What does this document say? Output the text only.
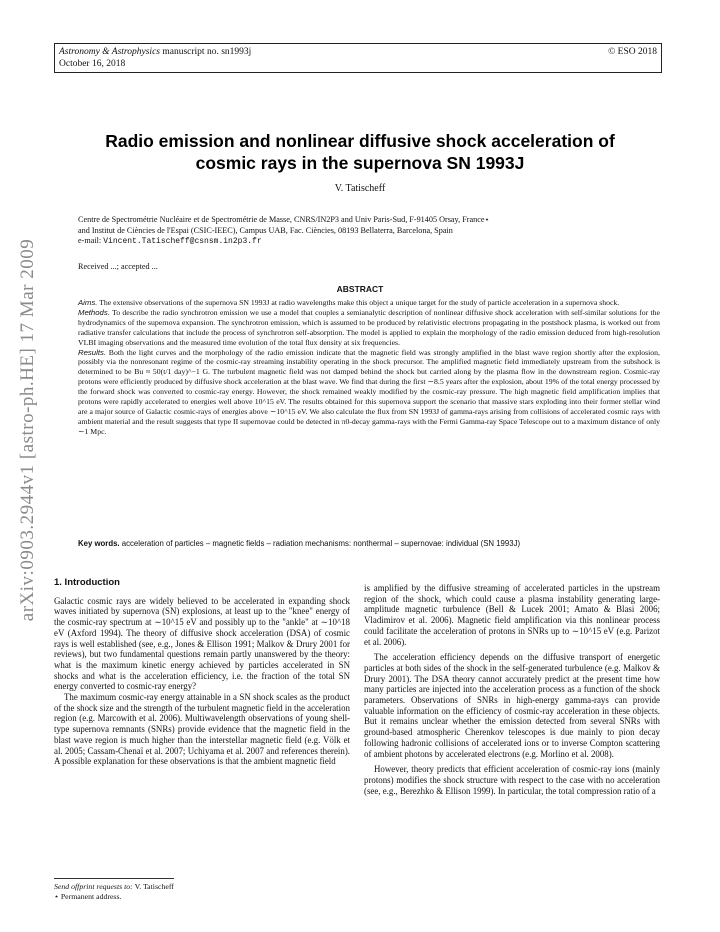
Astronomy & Astrophysics manuscript no. sn1993j
October 16, 2018
© ESO 2018
arXiv:0903.2944v1 [astro-ph.HE] 17 Mar 2009
Radio emission and nonlinear diffusive shock acceleration of
cosmic rays in the supernova SN 1993J
V. Tatischeff
Centre de Spectrométrie Nucléaire et de Spectrométrie de Masse, CNRS/IN2P3 and Univ Paris-Sud, F-91405 Orsay, France⋆
and Institut de Ciències de l'Espai (CSIC-IEEC), Campus UAB, Fac. Ciències, 08193 Bellaterra, Barcelona, Spain
e-mail: Vincent.Tatischeff@csnsm.in2p3.fr
Received ...; accepted ...
ABSTRACT
Aims. The extensive observations of the supernova SN 1993J at radio wavelengths make this object a unique target for the study of particle acceleration in a supernova shock.
Methods. To describe the radio synchrotron emission we use a model that couples a semianalytic description of nonlinear diffusive shock acceleration with self-similar solutions for the hydrodynamics of the supernova expansion. The synchrotron emission, which is assumed to be produced by relativistic electrons propagating in the postshock plasma, is worked out from radiative transfer calculations that include the process of synchrotron self-absorption. The model is applied to explain the morphology of the radio emission deduced from high-resolution VLBI imaging observations and the measured time evolution of the total flux density at six frequencies.
Results. Both the light curves and the morphology of the radio emission indicate that the magnetic field was strongly amplified in the blast wave region shortly after the explosion, possibly via the nonresonant regime of the cosmic-ray streaming instability operating in the shock precursor. The amplified magnetic field immediately upstream from the subshock is determined to be Bu ≈ 50(t/1 day)^−1 G. The turbulent magnetic field was not damped behind the shock but carried along by the plasma flow in the downstream region. Cosmic-ray protons were efficiently produced by diffusive shock acceleration at the blast wave. We find that during the first ∼8.5 years after the explosion, about 19% of the total energy processed by the forward shock was converted to cosmic-ray energy. However, the shock remained weakly modified by the cosmic-ray pressure. The high magnetic field amplification implies that protons were rapidly accelerated to energies well above 10^15 eV. The results obtained for this supernova support the scenario that massive stars exploding into their former stellar wind are a major source of Galactic cosmic-rays of energies above ∼10^15 eV. We also calculate the flux from SN 1993J of gamma-rays arising from collisions of accelerated cosmic rays with ambient material and the result suggests that type II supernovae could be detected in π0-decay gamma-rays with the Fermi Gamma-ray Space Telescope out to a maximum distance of only ∼1 Mpc.
Key words. acceleration of particles – magnetic fields – radiation mechanisms: nonthermal – supernovae: individual (SN 1993J)
1. Introduction

Galactic cosmic rays are widely believed to be accelerated in expanding shock waves initiated by supernova (SN) explosions, at least up to the "knee" energy of the cosmic-ray spectrum at ∼10^15 eV and possibly up to the "ankle" at ∼10^18 eV (Axford 1994). The theory of diffusive shock acceleration (DSA) of cosmic rays is well established (see, e.g., Jones & Ellison 1991; Malkov & Drury 2001 for reviews), but two fundamental questions remain partly unanswered by the theory: what is the maximum kinetic energy achieved by particles accelerated in SN shocks and what is the acceleration efficiency, i.e. the fraction of the total SN energy converted to cosmic-ray energy?

The maximum cosmic-ray energy attainable in a SN shock scales as the product of the shock size and the strength of the turbulent magnetic field in the acceleration region (e.g. Marcowith et al. 2006). Multiwavelength observations of young shell-type supernova remnants (SNRs) provide evidence that the magnetic field in the blast wave region is much higher than the interstellar magnetic field (e.g. Völk et al. 2005; Cassam-Chenaï et al. 2007; Uchiyama et al. 2007 and references therein). A possible explanation for these observations is that the ambient magnetic field

is amplified by the diffusive streaming of accelerated particles in the upstream region of the shock, which could cause a plasma instability generating large-amplitude magnetic turbulence (Bell & Lucek 2001; Amato & Blasi 2006; Vladimirov et al. 2006). Magnetic field amplification via this nonlinear process could facilitate the acceleration of protons in SNRs up to ∼10^15 eV (e.g. Parizot et al. 2006).

The acceleration efficiency depends on the diffusive transport of energetic particles at both sides of the shock in the self-generated turbulence (e.g. Malkov & Drury 2001). The DSA theory cannot accurately predict at the present time how many particles are injected into the acceleration process as a function of the shock parameters. Observations of SNRs in high-energy gamma-rays can provide valuable information on the efficiency of cosmic-ray acceleration in these objects. But it remains unclear whether the emission detected from several SNRs with ground-based atmospheric Cherenkov telescopes is due mainly to pion decay following hadronic collisions of accelerated ions or to inverse Compton scattering of ambient photons by accelerated electrons (e.g. Morlino et al. 2008).

However, theory predicts that efficient acceleration of cosmic-ray ions (mainly protons) modifies the shock structure with respect to the case with no acceleration (see, e.g., Berezhko & Ellison 1999). In particular, the total compression ratio of a

Send offprint requests to: V. Tatischeff
⋆ Permanent address.
